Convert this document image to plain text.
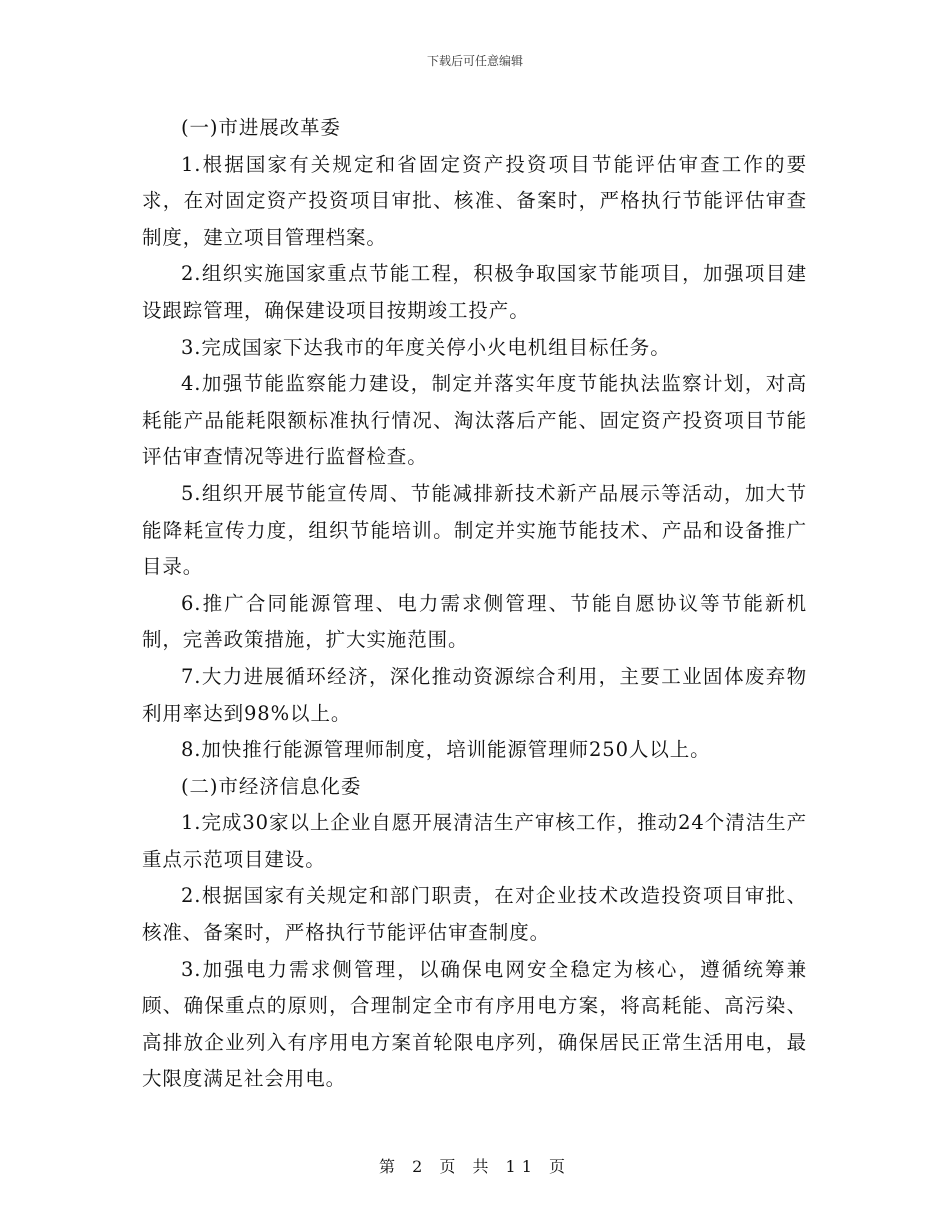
下载后可任意编辑

(一)市进展改革委

1.根据国家有关规定和省固定资产投资项目节能评估审查工作的要求，在对固定资产投资项目审批、核准、备案时，严格执行节能评估审查制度，建立项目管理档案。

2.组织实施国家重点节能工程，积极争取国家节能项目，加强项目建设跟踪管理，确保建设项目按期竣工投产。

3.完成国家下达我市的年度关停小火电机组目标任务。

4.加强节能监察能力建设，制定并落实年度节能执法监察计划，对高耗能产品能耗限额标准执行情况、淘汰落后产能、固定资产投资项目节能评估审查情况等进行监督检查。

5.组织开展节能宣传周、节能减排新技术新产品展示等活动，加大节能降耗宣传力度，组织节能培训。制定并实施节能技术、产品和设备推广目录。

6.推广合同能源管理、电力需求侧管理、节能自愿协议等节能新机制，完善政策措施，扩大实施范围。

7.大力进展循环经济，深化推动资源综合利用，主要工业固体废弃物利用率达到98%以上。

8.加快推行能源管理师制度，培训能源管理师250人以上。

(二)市经济信息化委

1.完成30家以上企业自愿开展清洁生产审核工作，推动24个清洁生产重点示范项目建设。

2.根据国家有关规定和部门职责，在对企业技术改造投资项目审批、核准、备案时，严格执行节能评估审查制度。

3.加强电力需求侧管理，以确保电网安全稳定为核心，遵循统筹兼顾、确保重点的原则，合理制定全市有序用电方案，将高耗能、高污染、高排放企业列入有序用电方案首轮限电序列，确保居民正常生活用电，最大限度满足社会用电。

第 2 页 共 11 页
